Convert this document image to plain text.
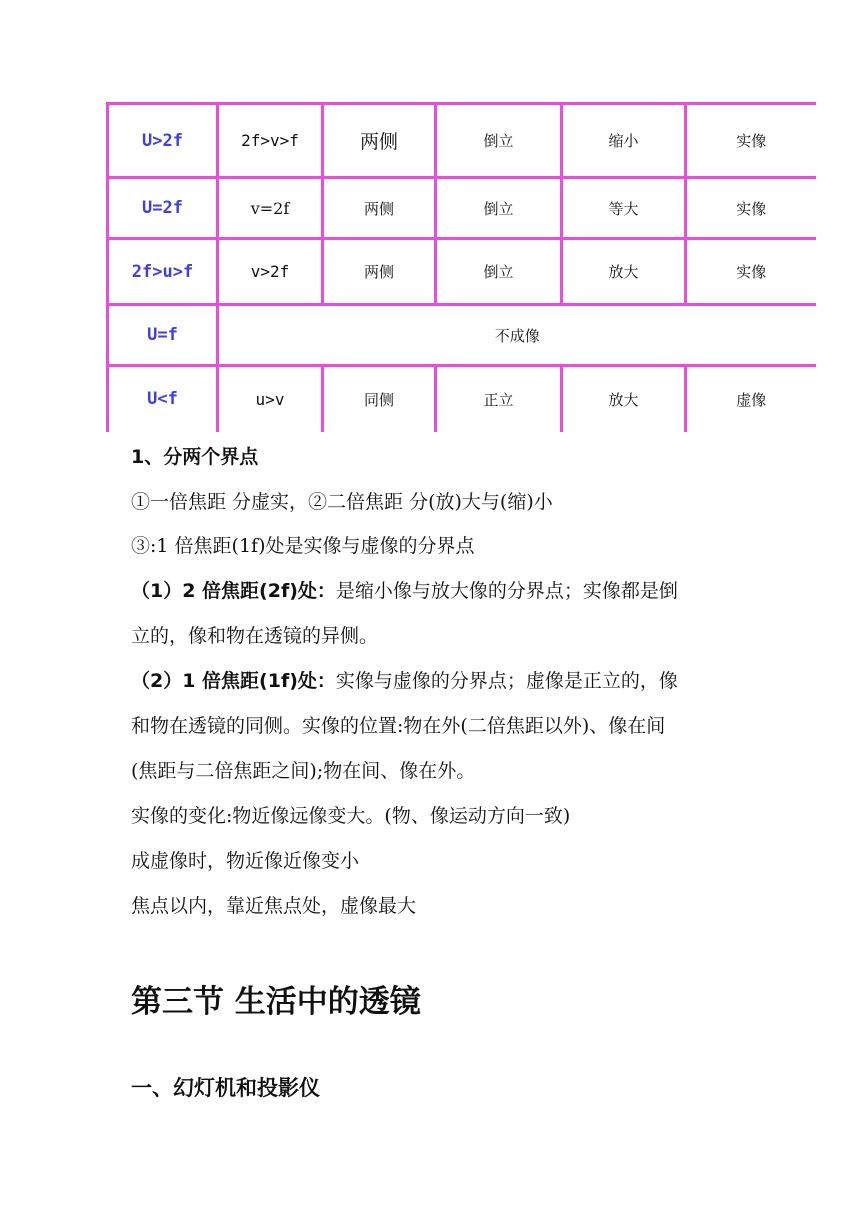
U>2f	2f>v>f	两侧	倒立	缩小	实像
U=2f	v=2f	两侧	倒立	等大	实像
2f>u>f	v>2f	两侧	倒立	放大	实像
U=f	不成像				
U<f	u>v	同侧	正立	放大	虚像
1、分两个界点
①一倍焦距 分虚实，②二倍焦距 分(放)大与(缩)小
③:1 倍焦距(1f)处是实像与虚像的分界点
（1）2 倍焦距(2f)处：是缩小像与放大像的分界点；实像都是倒
立的，像和物在透镜的异侧。
（2）1 倍焦距(1f)处：实像与虚像的分界点；虚像是正立的，像
和物在透镜的同侧。实像的位置:物在外(二倍焦距以外)、像在间
(焦距与二倍焦距之间);物在间、像在外。
实像的变化:物近像远像变大。(物、像运动方向一致)
成虚像时，物近像近像变小
焦点以内，靠近焦点处，虚像最大
第三节 生活中的透镜
一、幻灯机和投影仪
